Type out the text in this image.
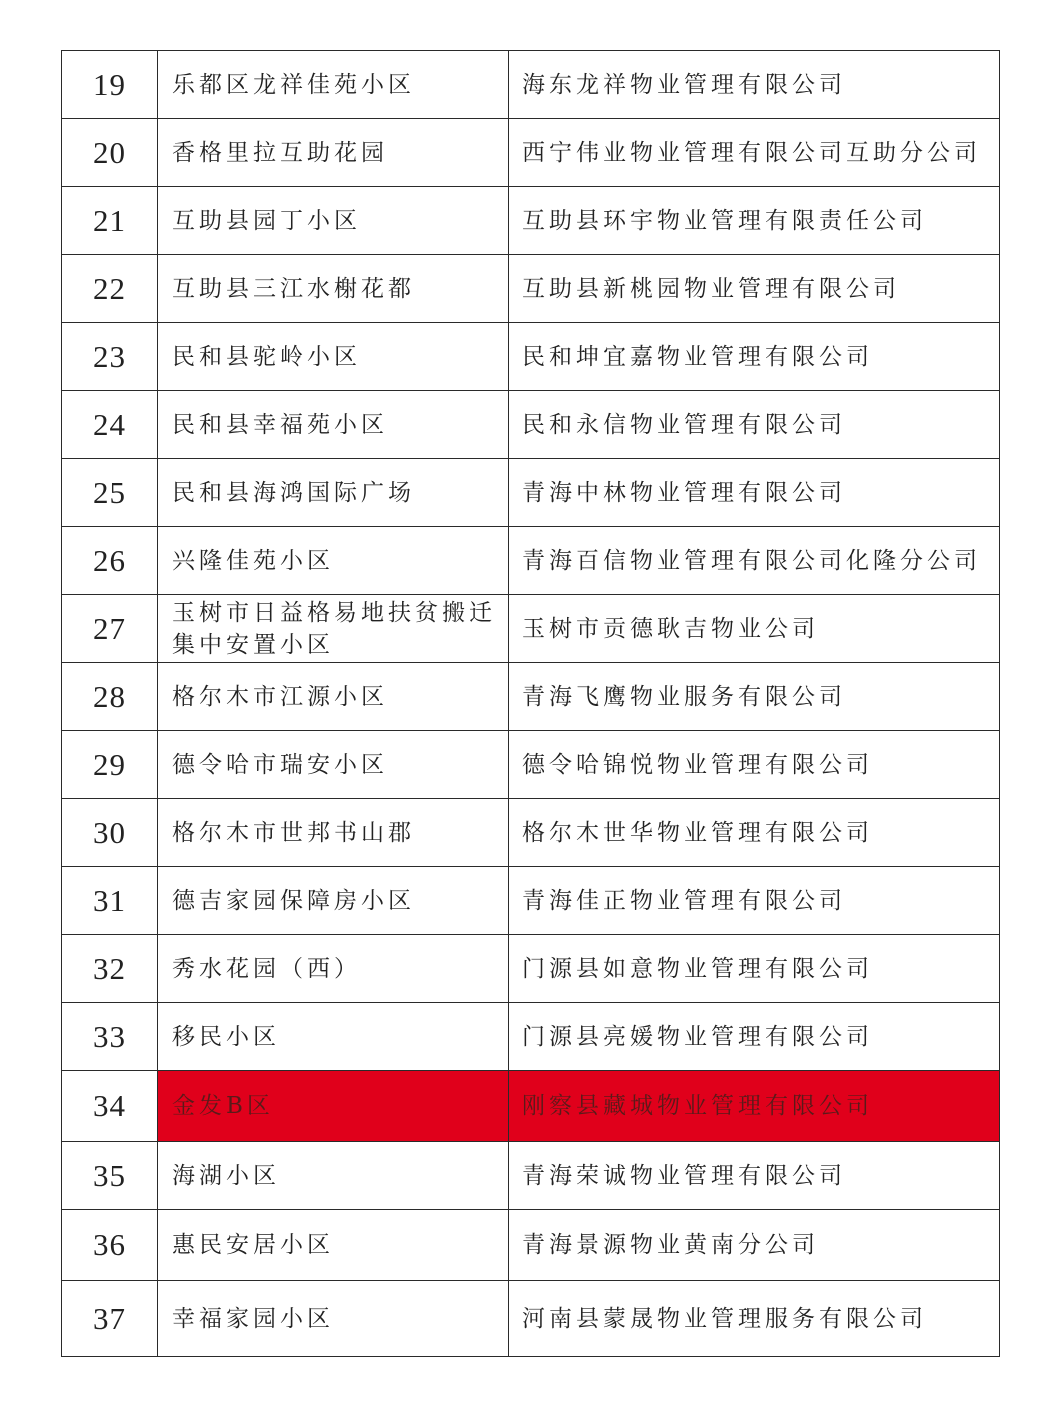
19	乐都区龙祥佳苑小区	海东龙祥物业管理有限公司
20	香格里拉互助花园	西宁伟业物业管理有限公司互助分公司
21	互助县园丁小区	互助县环宇物业管理有限责任公司
22	互助县三江水榭花都	互助县新桃园物业管理有限公司
23	民和县驼岭小区	民和坤宜嘉物业管理有限公司
24	民和县幸福苑小区	民和永信物业管理有限公司
25	民和县海鸿国际广场	青海中林物业管理有限公司
26	兴隆佳苑小区	青海百信物业管理有限公司化隆分公司
27	玉树市日益格易地扶贫搬迁集中安置小区	玉树市贡德耿吉物业公司
28	格尔木市江源小区	青海飞鹰物业服务有限公司
29	德令哈市瑞安小区	德令哈锦悦物业管理有限公司
30	格尔木市世邦书山郡	格尔木世华物业管理有限公司
31	德吉家园保障房小区	青海佳正物业管理有限公司
32	秀水花园（西）	门源县如意物业管理有限公司
33	移民小区	门源县亮媛物业管理有限公司
34	金发B区	刚察县藏城物业管理有限公司
35	海湖小区	青海荣诚物业管理有限公司
36	惠民安居小区	青海景源物业黄南分公司
37	幸福家园小区	河南县蒙晟物业管理服务有限公司
